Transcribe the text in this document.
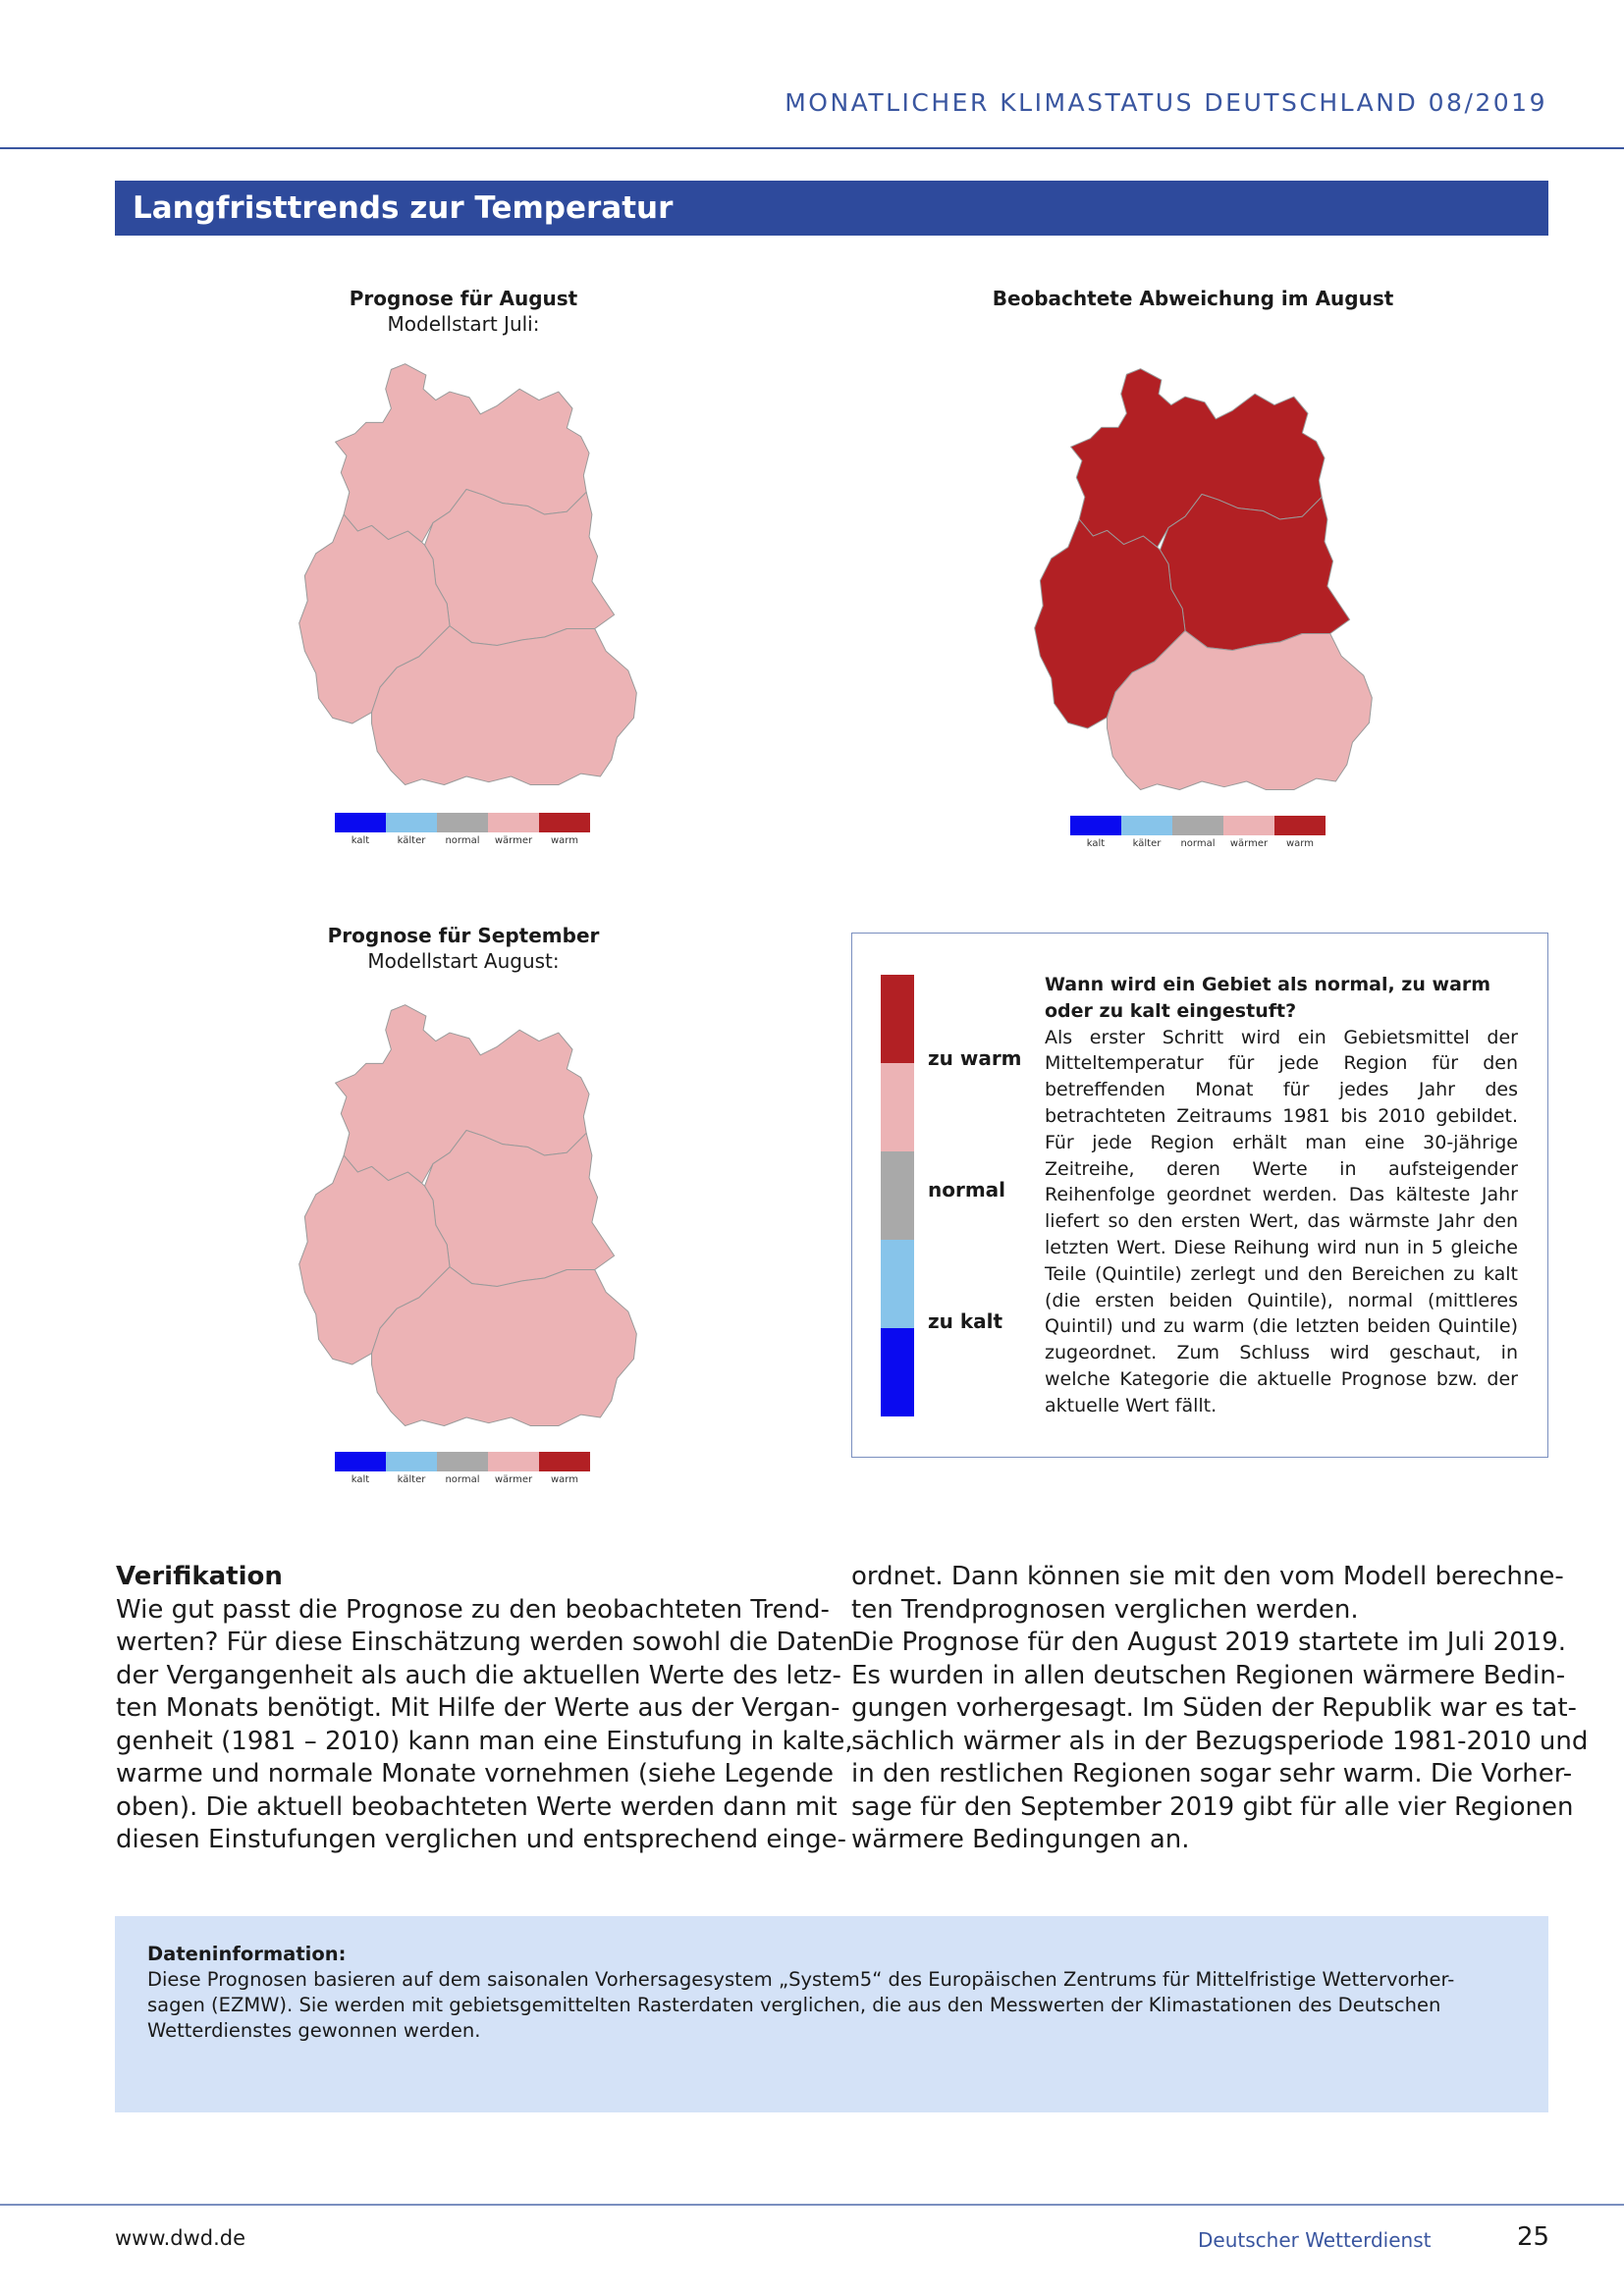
MONATLICHER KLIMASTATUS DEUTSCHLAND 08/2019
Langfristtrends zur Temperatur
Prognose für August
Modellstart Juli:
kalt	kälter	normal	wärmer	warm
Beobachtete Abweichung im August
kalt	kälter	normal	wärmer	warm
Prognose für September
Modellstart August:
kalt	kälter	normal	wärmer	warm
zu warm
normal
zu kalt
Wann wird ein Gebiet als normal, zu warm oder zu kalt eingestuft?
Als erster Schritt wird ein Gebietsmittel der Mitteltemperatur für jede Region für den betreffenden Monat für jedes Jahr des betrachteten Zeitraums 1981 bis 2010 gebildet. Für jede Region erhält man eine 30-jährige Zeitreihe, deren Werte in aufsteigender Reihenfolge geordnet werden. Das kälteste Jahr liefert so den ersten Wert, das wärmste Jahr den letzten Wert. Diese Reihung wird nun in 5 gleiche Teile (Quintile) zerlegt und den Bereichen zu kalt (die ersten beiden Quintile), normal (mittleres Quintil) und zu warm (die letzten beiden Quintile) zugeordnet. Zum Schluss wird geschaut, in welche Kategorie die aktuelle Prognose bzw. der aktuelle Wert fällt.
Verifikation
Wie gut passt die Prognose zu den beobachteten Trend-
werten? Für diese Einschätzung werden sowohl die Daten
der Vergangenheit als auch die aktuellen Werte des letz-
ten Monats benötigt. Mit Hilfe der Werte aus der Vergan-
genheit (1981 – 2010) kann man eine Einstufung in kalte,
warme und normale Monate vornehmen (siehe Legende
oben). Die aktuell beobachteten Werte werden dann mit
diesen Einstufungen verglichen und entsprechend einge-
ordnet. Dann können sie mit den vom Modell berechne-
ten Trendprognosen verglichen werden.
Die Prognose für den August 2019 startete im Juli 2019.
Es wurden in allen deutschen Regionen wärmere Bedin-
gungen vorhergesagt. Im Süden der Republik war es tat-
sächlich wärmer als in der Bezugsperiode 1981-2010 und
in den restlichen Regionen sogar sehr warm. Die Vorher-
sage für den September 2019 gibt für alle vier Regionen
wärmere Bedingungen an.
Dateninformation:
Diese Prognosen basieren auf dem saisonalen Vorhersagesystem „System5“ des Europäischen Zentrums für Mittelfristige Wettervorher-
sagen (EZMW). Sie werden mit gebietsgemittelten Rasterdaten verglichen, die aus den Messwerten der Klimastationen des Deutschen
Wetterdienstes gewonnen werden.
www.dwd.de	Deutscher Wetterdienst	25
